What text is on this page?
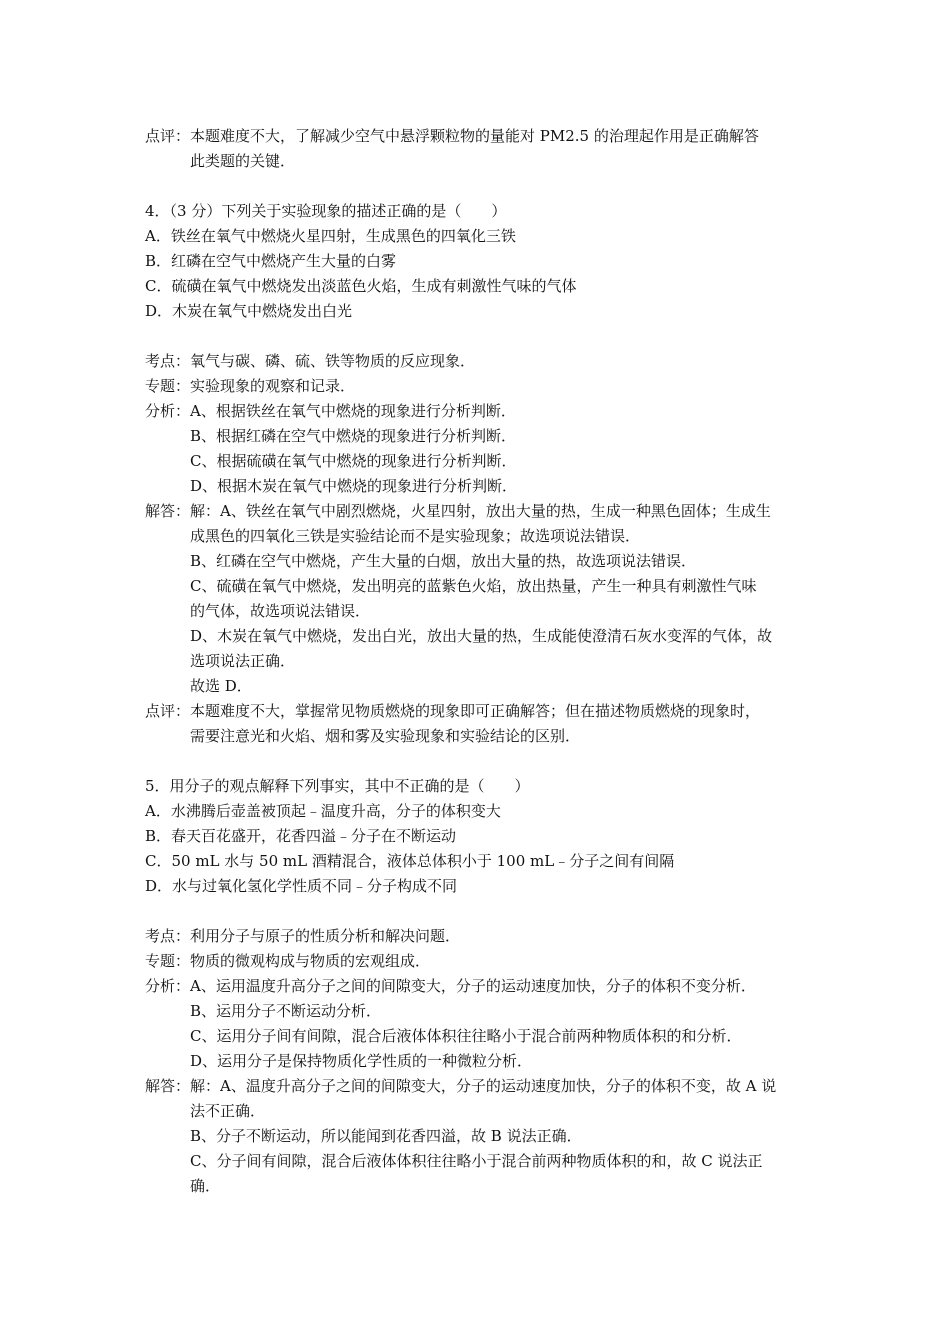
点评：本题难度不大，了解减少空气中悬浮颗粒物的量能对 PM2.5 的治理起作用是正确解答
此类题的关键．
4．（3 分）下列关于实验现象的描述正确的是（　　）
A．铁丝在氧气中燃烧火星四射，生成黑色的四氧化三铁
B．红磷在空气中燃烧产生大量的白雾
C．硫磺在氧气中燃烧发出淡蓝色火焰，生成有刺激性气味的气体
D．木炭在氧气中燃烧发出白光
考点：氧气与碳、磷、硫、铁等物质的反应现象．
专题：实验现象的观察和记录．
分析：A、根据铁丝在氧气中燃烧的现象进行分析判断．
B、根据红磷在空气中燃烧的现象进行分析判断．
C、根据硫磺在氧气中燃烧的现象进行分析判断．
D、根据木炭在氧气中燃烧的现象进行分析判断．
解答：解：A、铁丝在氧气中剧烈燃烧，火星四射，放出大量的热，生成一种黑色固体；生成生
成黑色的四氧化三铁是实验结论而不是实验现象；故选项说法错误．
B、红磷在空气中燃烧，产生大量的白烟，放出大量的热，故选项说法错误．
C、硫磺在氧气中燃烧，发出明亮的蓝紫色火焰，放出热量，产生一种具有刺激性气味
的气体，故选项说法错误．
D、木炭在氧气中燃烧，发出白光，放出大量的热，生成能使澄清石灰水变浑的气体，故
选项说法正确．
故选 D．
点评：本题难度不大，掌握常见物质燃烧的现象即可正确解答；但在描述物质燃烧的现象时，
需要注意光和火焰、烟和雾及实验现象和实验结论的区别．
5．用分子的观点解释下列事实，其中不正确的是（　　）
A．水沸腾后壶盖被顶起﹣温度升高，分子的体积变大
B．春天百花盛开，花香四溢﹣分子在不断运动
C．50 mL 水与 50 mL 酒精混合，液体总体积小于 100 mL﹣分子之间有间隔
D．水与过氧化氢化学性质不同﹣分子构成不同
考点：利用分子与原子的性质分析和解决问题．
专题：物质的微观构成与物质的宏观组成．
分析：A、运用温度升高分子之间的间隙变大，分子的运动速度加快，分子的体积不变分析．
B、运用分子不断运动分析．
C、运用分子间有间隙，混合后液体体积往往略小于混合前两种物质体积的和分析．
D、运用分子是保持物质化学性质的一种微粒分析．
解答：解：A、温度升高分子之间的间隙变大，分子的运动速度加快，分子的体积不变，故 A 说
法不正确．
B、分子不断运动，所以能闻到花香四溢，故 B 说法正确．
C、分子间有间隙，混合后液体体积往往略小于混合前两种物质体积的和，故 C 说法正
确．
